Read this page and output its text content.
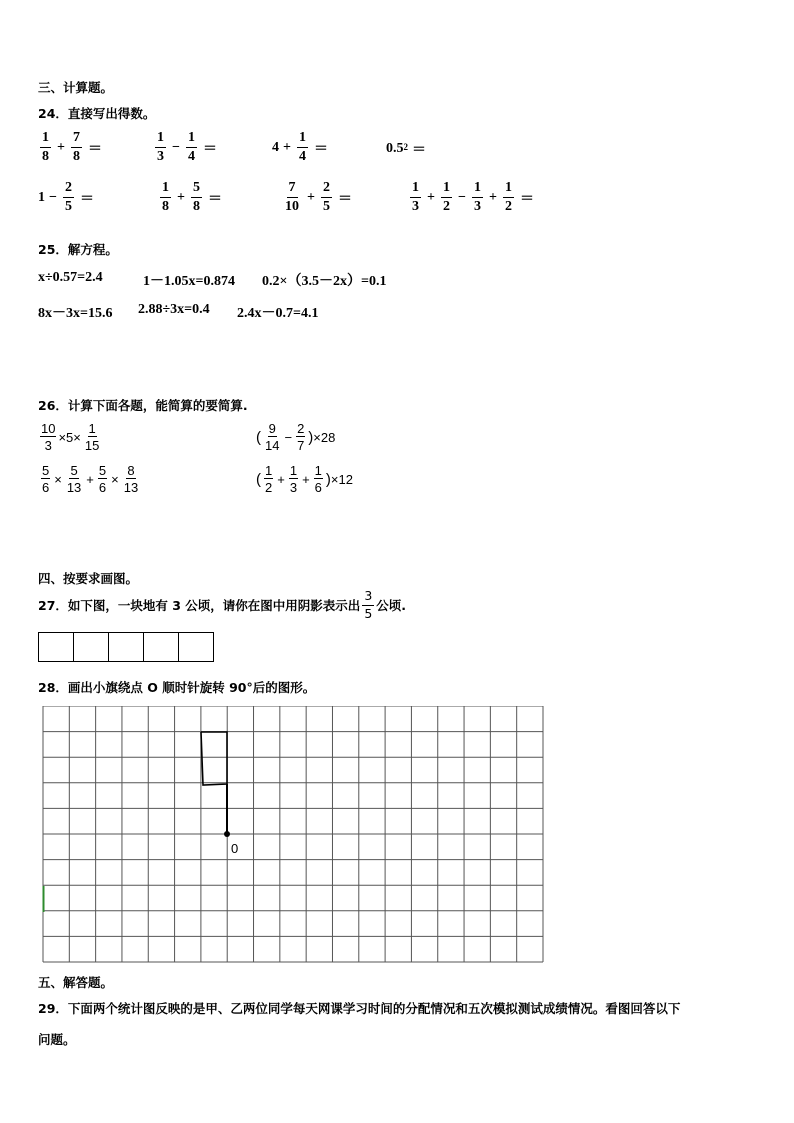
三、计算题。
24．直接写出得数。
$\frac{1}{8} + \frac{7}{8}$ ＝	$\frac{1}{3} - \frac{1}{4}$ ＝	$4 + \frac{1}{4}$ ＝	$0.5^2$ ＝
$1 - \frac{2}{5}$ ＝	$\frac{1}{8} + \frac{5}{8}$ ＝	$\frac{7}{10} + \frac{2}{5}$ ＝	$\frac{1}{3} + \frac{1}{2} - \frac{1}{3} + \frac{1}{2}$ ＝
25．解方程。
x÷0.57=2.4	1－1.05x=0.874 0.2×（3.5－2x）=0.1
8x－3x=15.6 2.88÷3x=0.4 2.4x－0.7=4.1
26．计算下面各题，能简算的要简算.
$\frac{10}{3} \times 5\times \frac{1}{15}$	( $\frac{9}{14} - \frac{2}{7}$ ) ×28
$\frac{5}{6} \times \frac{5}{13} + \frac{5}{6} \times \frac{8}{13}$	( $\frac{1}{2} + \frac{1}{3} + \frac{1}{6}$ ) ×12
四、按要求画图。
27．如下图，一块地有 3 公顷，请你在图中用阴影表示出 $\frac{3}{5}$ 公顷.
28．画出小旗绕点 O 顺时针旋转 90°后的图形。
0
五、解答题。
29．下面两个统计图反映的是甲、乙两位同学每天网课学习时间的分配情况和五次模拟测试成绩情况。看图回答以下
问题。
